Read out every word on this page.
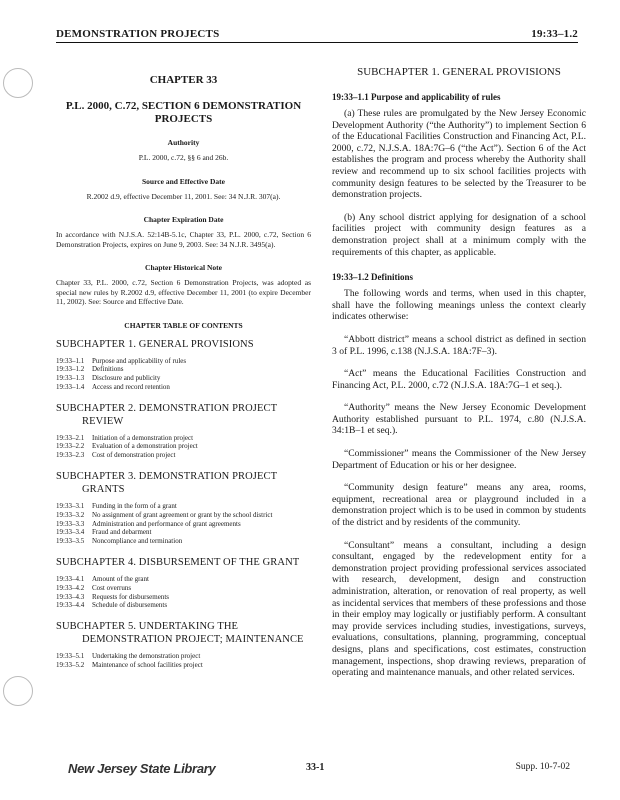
DEMONSTRATION PROJECTS	19:33–1.2
CHAPTER 33
P.L. 2000, C.72, SECTION 6 DEMONSTRATION PROJECTS
Authority
P.L. 2000, c.72, §§ 6 and 26b.
Source and Effective Date
R.2002 d.9, effective December 11, 2001. See: 34 N.J.R. 307(a).
Chapter Expiration Date
In accordance with N.J.S.A. 52:14B-5.1c, Chapter 33, P.L. 2000, c.72, Section 6 Demonstration Projects, expires on June 9, 2003. See: 34 N.J.R. 3495(a).
Chapter Historical Note
Chapter 33, P.L. 2000, c.72, Section 6 Demonstration Projects, was adopted as special new rules by R.2002 d.9, effective December 11, 2001 (to expire December 11, 2002). See: Source and Effective Date.
CHAPTER TABLE OF CONTENTS
SUBCHAPTER 1. GENERAL PROVISIONS
19:33–1.1	Purpose and applicability of rules
19:33–1.2	Definitions
19:33–1.3	Disclosure and publicity
19:33–1.4	Access and record retention
SUBCHAPTER 2. DEMONSTRATION PROJECT
REVIEW
19:33–2.1	Initiation of a demonstration project
19:33–2.2	Evaluation of a demonstration project
19:33–2.3	Cost of demonstration project
SUBCHAPTER 3. DEMONSTRATION PROJECT
GRANTS
19:33–3.1	Funding in the form of a grant
19:33–3.2	No assignment of grant agreement or grant by the school district
19:33–3.3	Administration and performance of grant agreements
19:33–3.4	Fraud and debarment
19:33–3.5	Noncompliance and termination
SUBCHAPTER 4. DISBURSEMENT OF THE GRANT
19:33–4.1	Amount of the grant
19:33–4.2	Cost overruns
19:33–4.3	Requests for disbursements
19:33–4.4	Schedule of disbursements
SUBCHAPTER 5. UNDERTAKING THE
DEMONSTRATION PROJECT; MAINTENANCE
19:33–5.1	Undertaking the demonstration project
19:33–5.2	Maintenance of school facilities project
SUBCHAPTER 1. GENERAL PROVISIONS
19:33–1.1 Purpose and applicability of rules

(a) These rules are promulgated by the New Jersey Economic Development Authority (“the Authority”) to implement Section 6 of the Educational Facilities Construction and Financing Act, P.L. 2000, c.72, N.J.S.A. 18A:7G–6 (“the Act”). Section 6 of the Act establishes the program and process whereby the Authority shall review and recommend up to six school facilities projects with community design features to be selected by the Treasurer to be demonstration projects.

(b) Any school district applying for designation of a school facilities project with community design features as a demonstration project shall at a minimum comply with the requirements of this chapter, as applicable.

19:33–1.2 Definitions

The following words and terms, when used in this chapter, shall have the following meanings unless the context clearly indicates otherwise:

“Abbott district” means a school district as defined in section 3 of P.L. 1996, c.138 (N.J.S.A. 18A:7F–3).

“Act” means the Educational Facilities Construction and Financing Act, P.L. 2000, c.72 (N.J.S.A. 18A:7G–1 et seq.).

“Authority” means the New Jersey Economic Development Authority established pursuant to P.L. 1974, c.80 (N.J.S.A. 34:1B–1 et seq.).

“Commissioner” means the Commissioner of the New Jersey Department of Education or his or her designee.

“Community design feature” means any area, rooms, equipment, recreational area or playground included in a demonstration project which is to be used in common by students of the district and by residents of the community.

“Consultant” means a consultant, including a design consultant, engaged by the redevelopment entity for a demonstration project providing professional services associated with research, development, design and construction administration, alteration, or renovation of real property, as well as incidental services that members of these professions and those in their employ may logically or justifiably perform. A consultant may provide services including studies, investigations, surveys, evaluations, consultations, planning, programming, conceptual designs, plans and specifications, cost estimates, construction management, inspections, shop drawing reviews, preparation of operating and maintenance manuals, and other related services.

New Jersey State Library	33-1	Supp. 10-7-02
